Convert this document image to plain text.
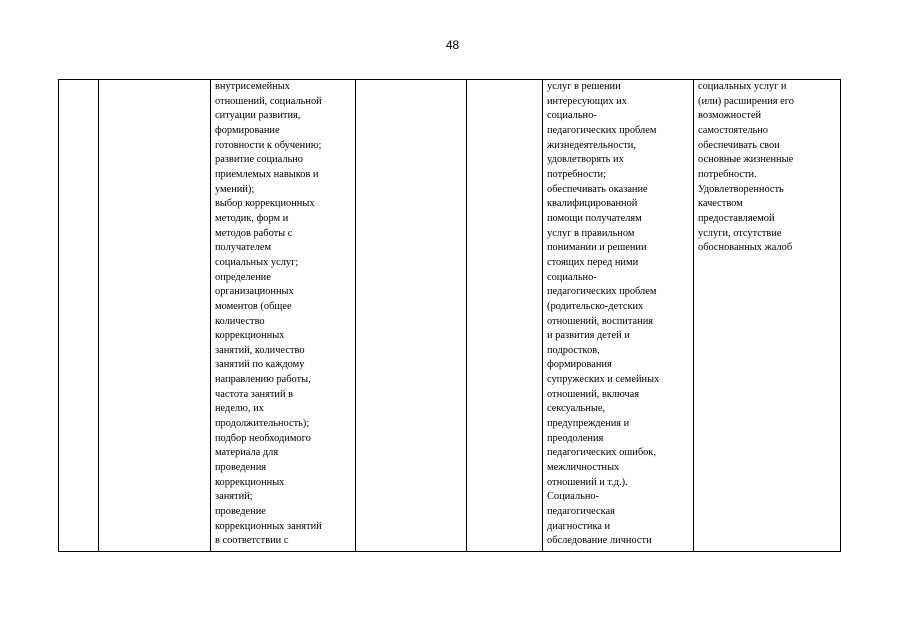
48
		внутрисемейных
отношений, социальной
ситуации развития,
формирование
готовности к обучению;
развитие социально
приемлемых навыков и
умений);
выбор коррекционных
методик, форм и
методов работы с
получателем
социальных услуг;
определение
организационных
моментов (общее
количество
коррекционных
занятий, количество
занятий по каждому
направлению работы,
частота занятий в
неделю, их
продолжительность);
подбор необходимого
материала для
проведения
коррекционных
занятий;
проведение
коррекционных занятий
в соответствии с			услуг в решении
интересующих их
социально-
педагогических проблем
жизнедеятельности,
удовлетворять их
потребности;
обеспечивать оказание
квалифицированной
помощи получателям
услуг в правильном
понимании и решении
стоящих перед ними
социально-
педагогических проблем
(родительско-детских
отношений, воспитания
и развития детей и
подростков,
формирования
супружеских и семейных
отношений, включая
сексуальные,
предупреждения и
преодоления
педагогических ошибок,
межличностных
отношений и т.д.).
Социально-
педагогическая
диагностика и
обследование личности	социальных услуг и
(или) расширения его
возможностей
самостоятельно
обеспечивать свои
основные жизненные
потребности.
Удовлетворенность
качеством
предоставляемой
услуги, отсутствие
обоснованных жалоб
